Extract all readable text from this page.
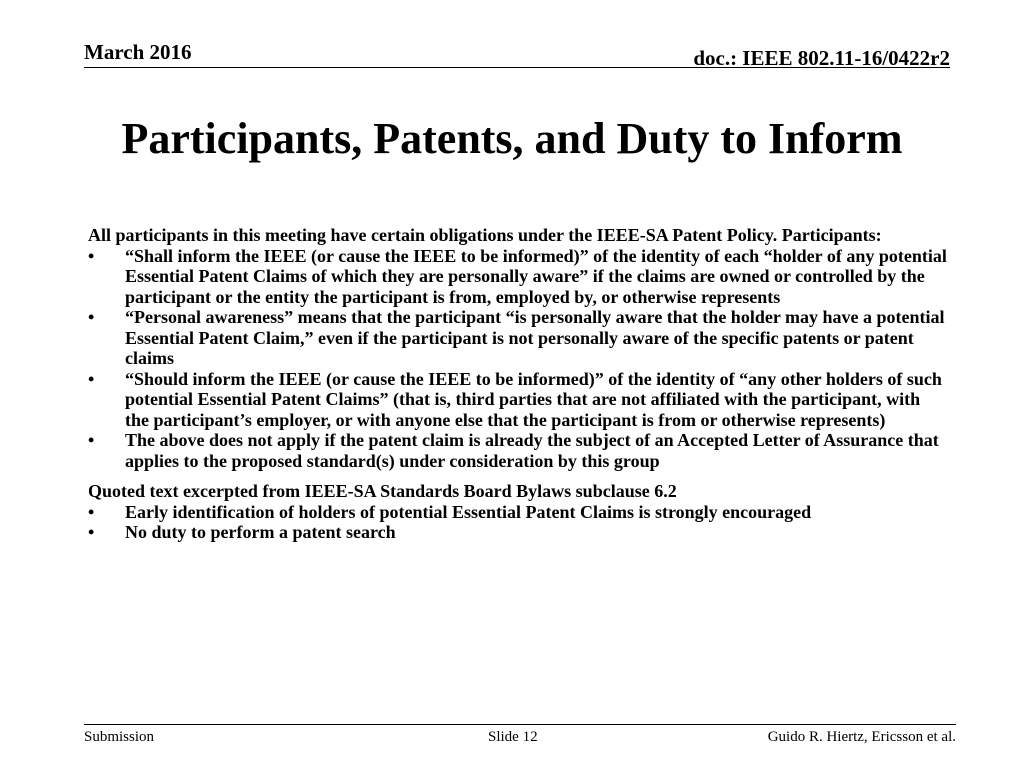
March 2016	doc.: IEEE 802.11-16/0422r2
Participants, Patents, and Duty to Inform

All participants in this meeting have certain obligations under the IEEE-SA Patent Policy. Participants:

•	“Shall inform the IEEE (or cause the IEEE to be informed)” of the identity of each “holder of any potential Essential Patent Claims of which they are personally aware” if the claims are owned or controlled by the participant or the entity the participant is from, employed by, or otherwise represents
•	“Personal awareness” means that the participant “is personally aware that the holder may have a potential Essential Patent Claim,” even if the participant is not personally aware of the specific patents or patent claims
•	“Should inform the IEEE (or cause the IEEE to be informed)” of the identity of “any other holders of such potential Essential Patent Claims” (that is, third parties that are not affiliated with the participant, with the participant’s employer, or with anyone else that the participant is from or otherwise represents)
•	The above does not apply if the patent claim is already the subject of an Accepted Letter of Assurance that applies to the proposed standard(s) under consideration by this group

Quoted text excerpted from IEEE-SA Standards Board Bylaws subclause 6.2

•	Early identification of holders of potential Essential Patent Claims is strongly encouraged
•	No duty to perform a patent search
Submission	Slide 12	Guido R. Hiertz, Ericsson et al.
